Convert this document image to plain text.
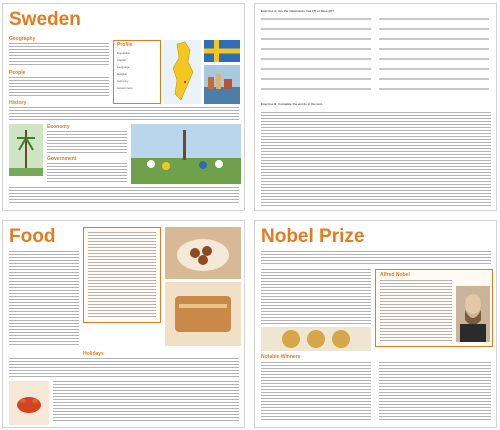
Sweden
Geography
People
History
Profile
Population
Capital
Language
Religion
Currency
Government
Economy
Government
Exercise A: Are the statements true (T) or false (F)?
Exercise B: Complete the words in the text.
Food
Holidays
Nobel Prize
Alfred Nobel
Notable Winners
